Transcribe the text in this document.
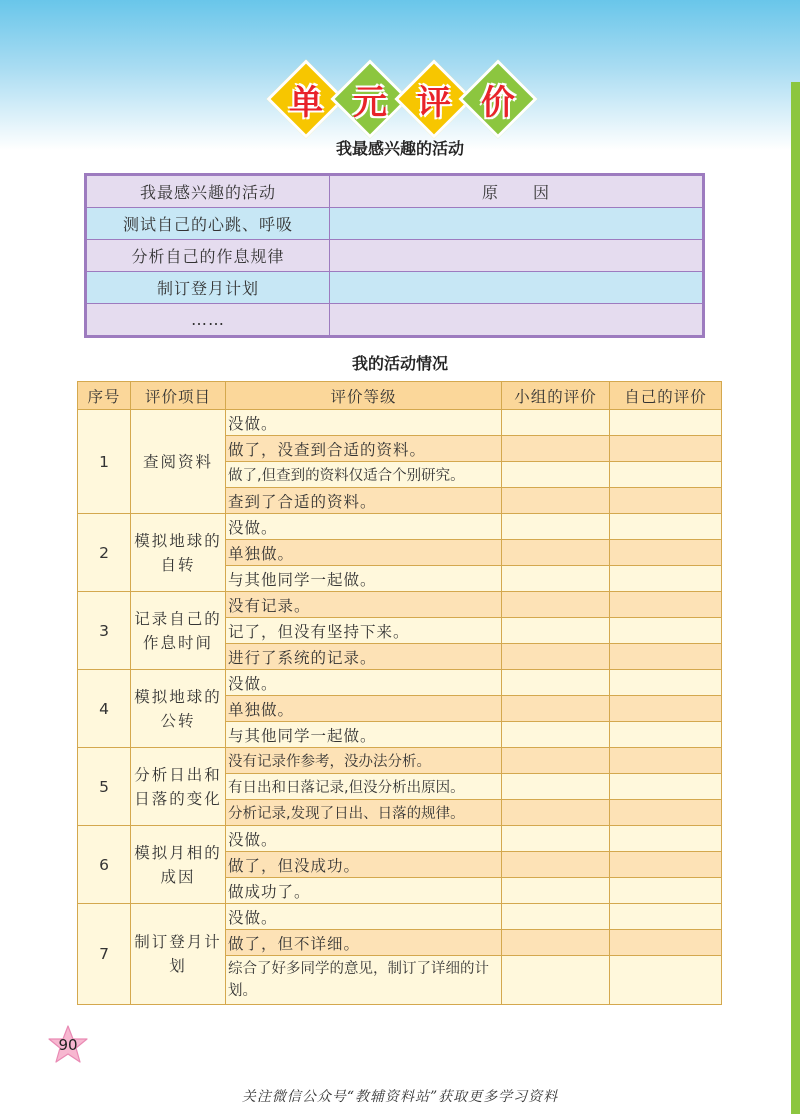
单 元 评 价
我最感兴趣的活动
我最感兴趣的活动	原　　因
测试自己的心跳、呼吸	
分析自己的作息规律	
制订登月计划	
……	
我的活动情况
序号	评价项目	评价等级	小组的评价	自己的评价
1	查阅资料	没做。		
		做了，没查到合适的资料。		
		做了,但查到的资料仅适合个别研究。		
		查到了合适的资料。		
2	模拟地球的自转	没做。		
		单独做。		
		与其他同学一起做。		
3	记录自己的作息时间	没有记录。		
		记了，但没有坚持下来。		
		进行了系统的记录。		
4	模拟地球的公转	没做。		
		单独做。		
		与其他同学一起做。		
5	分析日出和日落的变化	没有记录作参考，没办法分析。		
		有日出和日落记录,但没分析出原因。		
		分析记录,发现了日出、日落的规律。		
6	模拟月相的成因	没做。		
		做了，但没成功。		
		做成功了。		
7	制订登月计划	没做。		
		做了，但不详细。		
		综合了好多同学的意见，制订了详细的计划。		
90
关注微信公众号“教辅资料站”获取更多学习资料
